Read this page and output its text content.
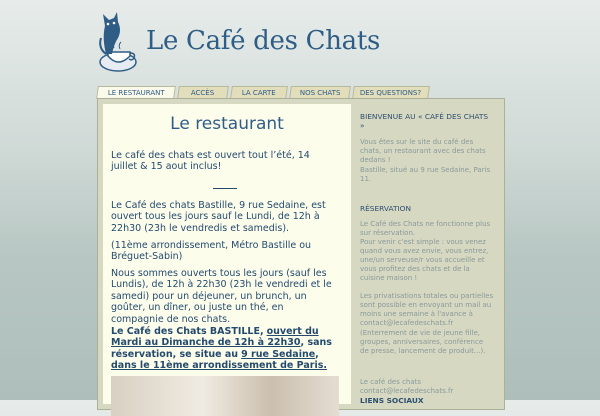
Le Café des Chats
LE RESTAURANT	ACCÈS	LA CARTE	NOS CHATS	DES QUESTIONS?
Le restaurant
Le café des chats est ouvert tout l’été, 14 juillet & 15 aout inclus!
Le Café des chats Bastille, 9 rue Sedaine, est ouvert tous les jours sauf le Lundi, de 12h à 22h30 (23h le vendredis et samedis).
(11ème arrondissement, Métro Bastille ou Bréguet-Sabin)
Nous sommes ouverts tous les jours (sauf les Lundis), de 12h à 22h30 (23h le vendredi et le samedi) pour un déjeuner, un brunch, un goûter, un dîner, ou juste un thé, en compagnie de nos chats.
Le Café des Chats BASTILLE, ouvert du Mardi au Dimanche de 12h à 22h30, sans réservation, se situe au 9 rue Sedaine, dans le 11ème arrondissement de Paris.

BIENVENUE AU « CAFÉ DES CHATS »

Vous êtes sur le site du café des chats, un restaurant avec des chats dedans !

Bastille, situé au 9 rue Sedaine, Paris 11.

RÉSERVATION

Le Café des Chats ne fonctionne plus sur réservation.

Pour venir c'est simple : vous venez quand vous avez envie, vous entrez, une/un serveuse/r vous accueille et vous profitez des chats et de la cuisine maison !

Les privatisations totales ou partielles sont possible en envoyant un mail au moins une semaine à l'avance à contact@lecafedeschats.fr

(Enterrement de vie de jeune fille, groupes, anniversaires, conférence de presse, lancement de produit...).

Le café des chats

contact@lecafedeschats.fr

LIENS SOCIAUX
